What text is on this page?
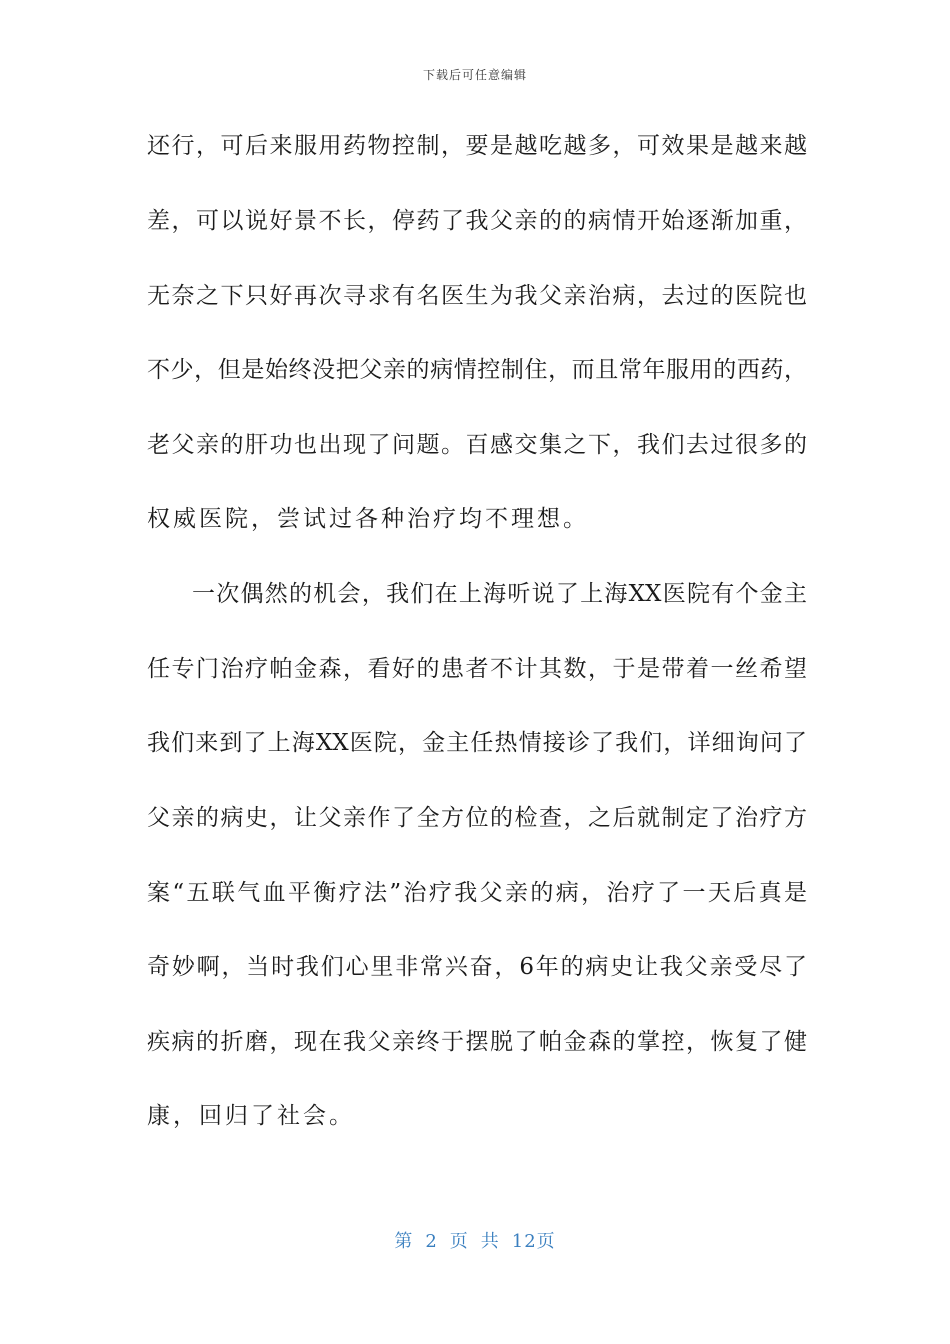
下载后可任意编辑
还行，可后来服用药物控制，要是越吃越多，可效果是越来越
差，可以说好景不长，停药了我父亲的的病情开始逐渐加重，
无奈之下只好再次寻求有名医生为我父亲治病，去过的医院也
不少，但是始终没把父亲的病情控制住，而且常年服用的西药，
老父亲的肝功也出现了问题。百感交集之下，我们去过很多的
权威医院，尝试过各种治疗均不理想。
一次偶然的机会，我们在上海听说了上海XX医院有个金主
任专门治疗帕金森，看好的患者不计其数，于是带着一丝希望
我们来到了上海XX医院，金主任热情接诊了我们，详细询问了
父亲的病史，让父亲作了全方位的检查，之后就制定了治疗方
案“五联气血平衡疗法”治疗我父亲的病，治疗了一天后真是
奇妙啊，当时我们心里非常兴奋，6年的病史让我父亲受尽了
疾病的折磨，现在我父亲终于摆脱了帕金森的掌控，恢复了健
康，回归了社会。
第 2 页 共 12页
